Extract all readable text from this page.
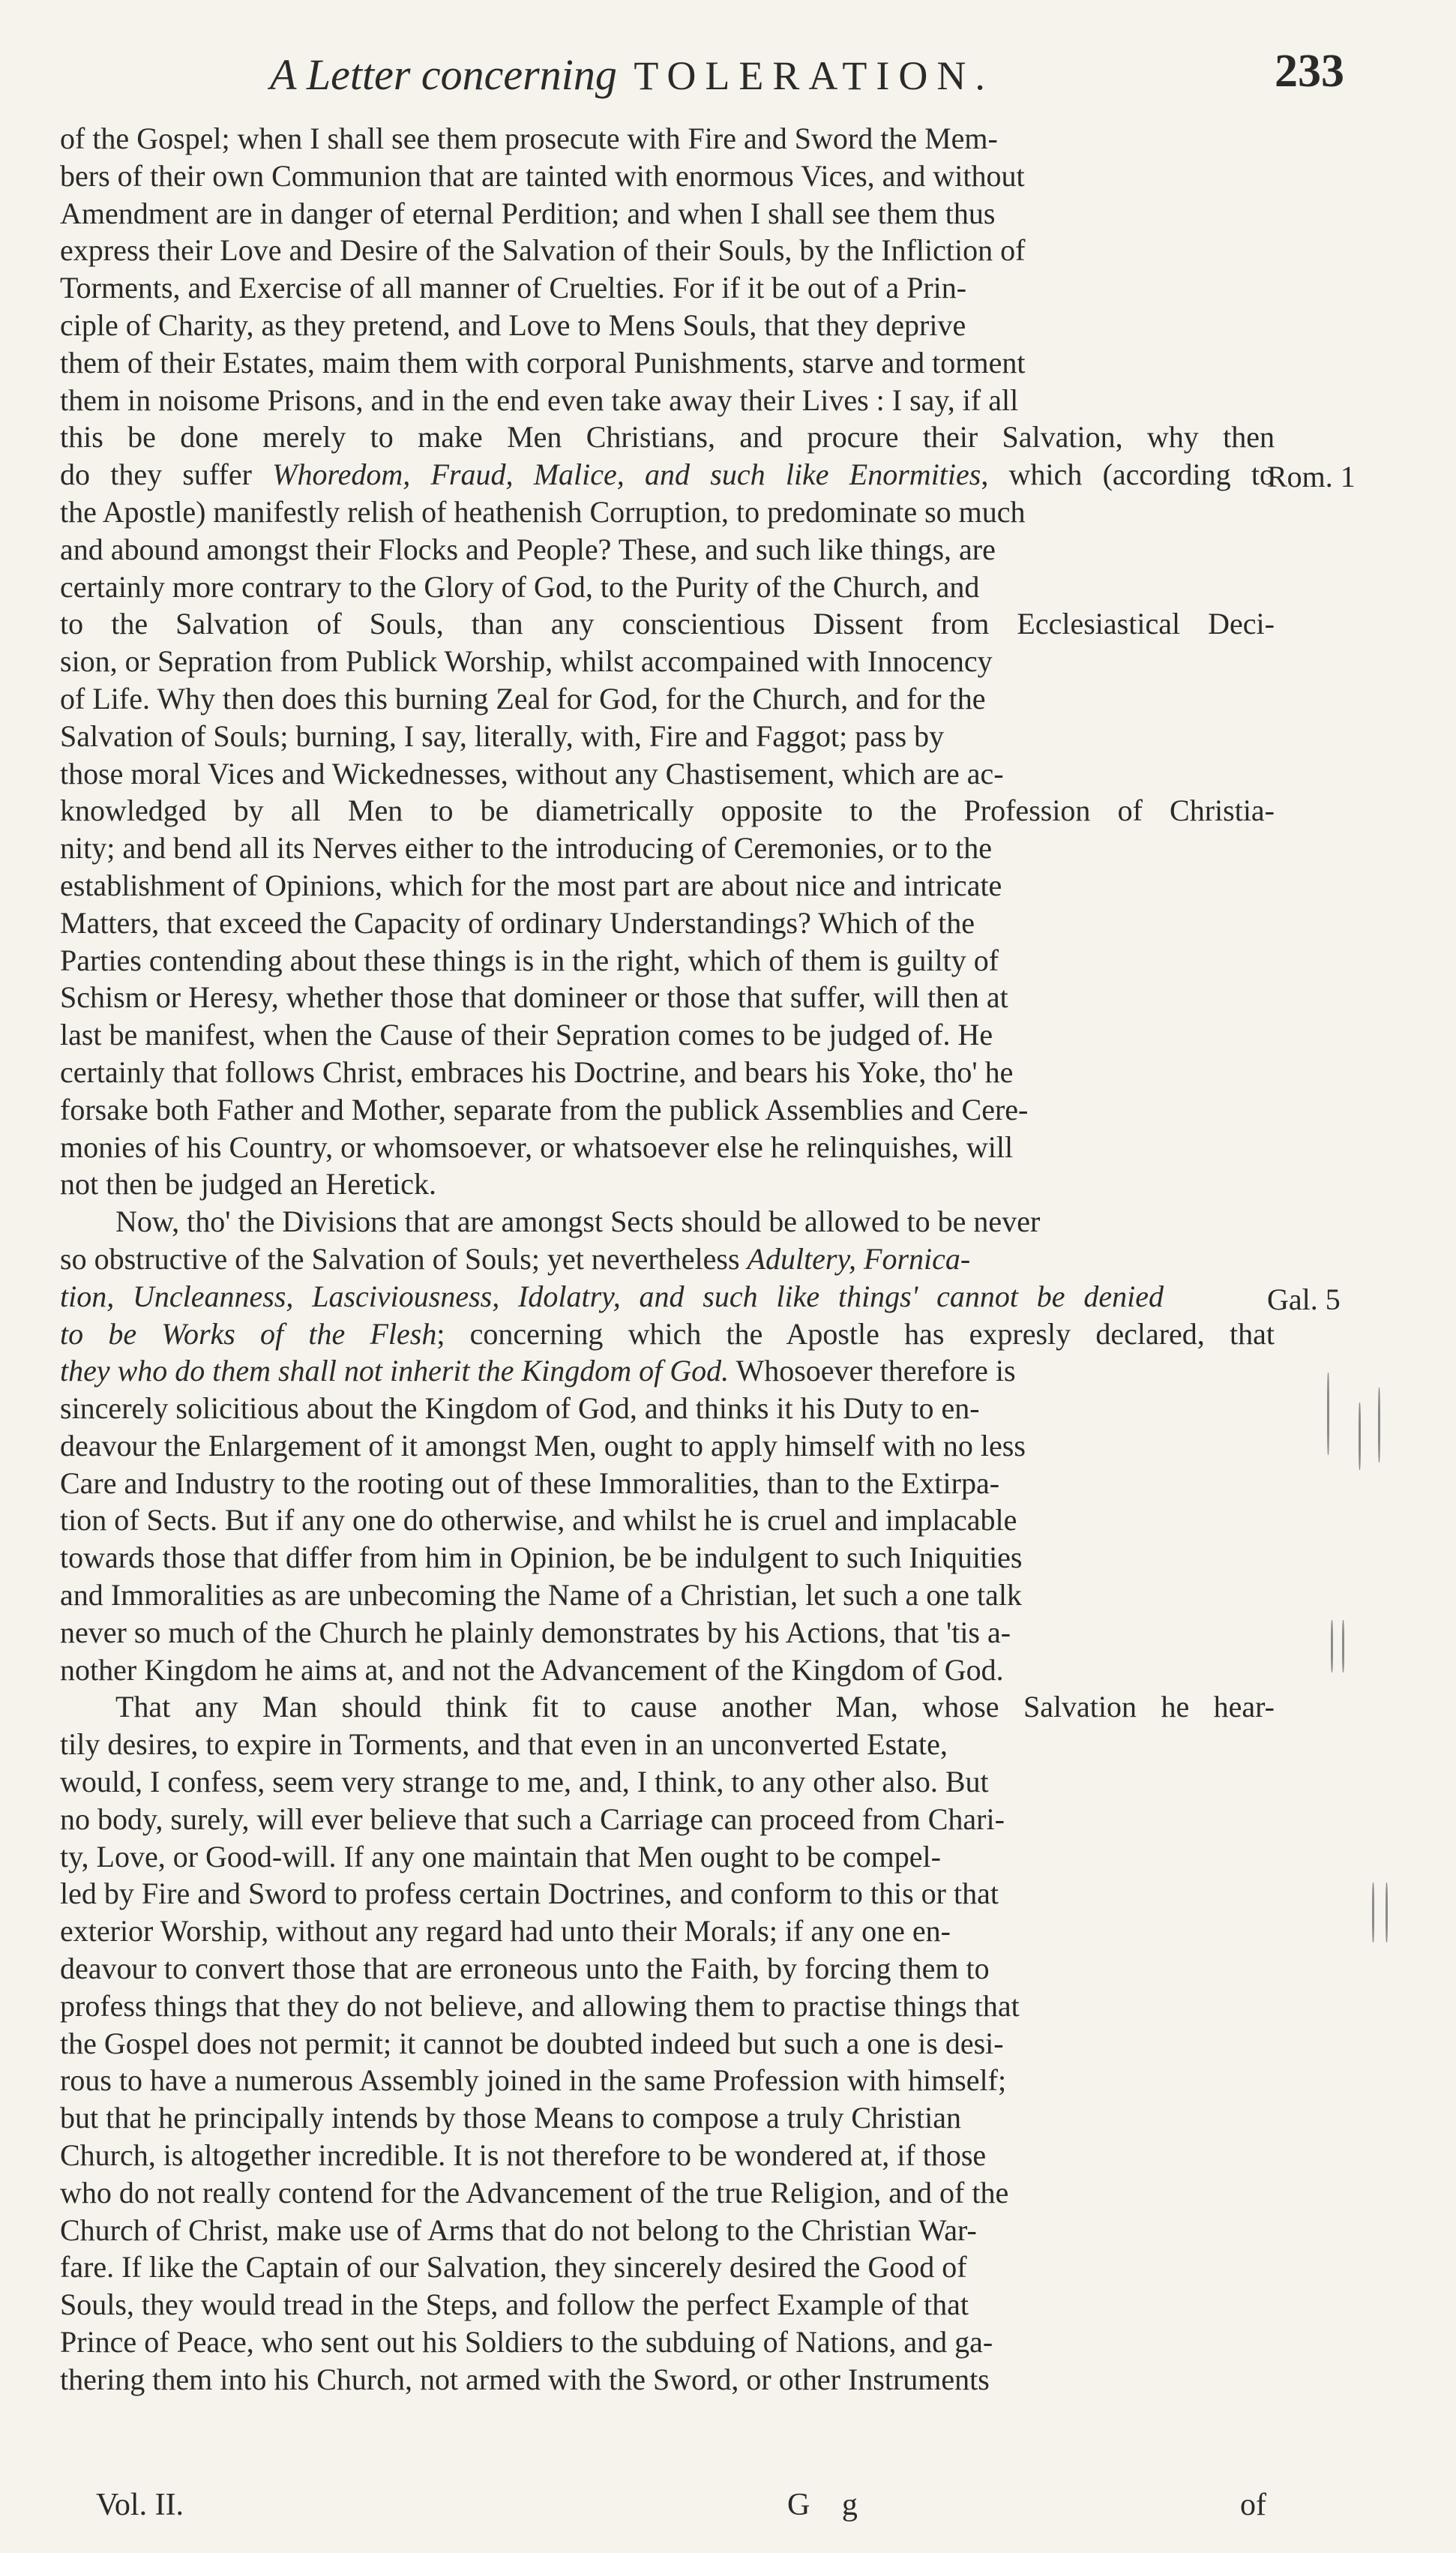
A Letter concerning TOLERATION.	233
of the Gospel; when I shall see them prosecute with Fire and Sword the Mem-
bers of their own Communion that are tainted with enormous Vices, and without
Amendment are in danger of eternal Perdition; and when I shall see them thus
express their Love and Desire of the Salvation of their Souls, by the Infliction of
Torments, and Exercise of all manner of Cruelties. For if it be out of a Prin-
ciple of Charity, as they pretend, and Love to Mens Souls, that they deprive
them of their Estates, maim them with corporal Punishments, starve and torment
them in noisome Prisons, and in the end even take away their Lives : I say, if all
this be done merely to make Men Christians, and procure their Salvation, why then
do they suffer Whoredom, Fraud, Malice, and such like Enormities, which (according to
the Apostle) manifestly relish of heathenish Corruption, to predominate so much
and abound amongst their Flocks and People? These, and such like things, are
certainly more contrary to the Glory of God, to the Purity of the Church, and
to the Salvation of Souls, than any conscientious Dissent from Ecclesiastical Deci-
sion, or Sepration from Publick Worship, whilst accompained with Innocency
of Life. Why then does this burning Zeal for God, for the Church, and for the
Salvation of Souls; burning, I say, literally, with, Fire and Faggot; pass by
those moral Vices and Wickednesses, without any Chastisement, which are ac-
knowledged by all Men to be diametrically opposite to the Profession of Christia-
nity; and bend all its Nerves either to the introducing of Ceremonies, or to the
establishment of Opinions, which for the most part are about nice and intricate
Matters, that exceed the Capacity of ordinary Understandings? Which of the
Parties contending about these things is in the right, which of them is guilty of
Schism or Heresy, whether those that domineer or those that suffer, will then at
last be manifest, when the Cause of their Sepration comes to be judged of. He
certainly that follows Christ, embraces his Doctrine, and bears his Yoke, tho' he
forsake both Father and Mother, separate from the publick Assemblies and Cere-
monies of his Country, or whomsoever, or whatsoever else he relinquishes, will
not then be judged an Heretick.
Now, tho' the Divisions that are amongst Sects should be allowed to be never
so obstructive of the Salvation of Souls; yet nevertheless Adultery, Fornica-
tion, Uncleanness, Lasciviousness, Idolatry, and such like things' cannot be denied
to be Works of the Flesh; concerning which the Apostle has expresly declared, that
they who do them shall not inherit the Kingdom of God. Whosoever therefore is
sincerely solicitious about the Kingdom of God, and thinks it his Duty to en-
deavour the Enlargement of it amongst Men, ought to apply himself with no less
Care and Industry to the rooting out of these Immoralities, than to the Extirpa-
tion of Sects. But if any one do otherwise, and whilst he is cruel and implacable
towards those that differ from him in Opinion, be be indulgent to such Iniquities
and Immoralities as are unbecoming the Name of a Christian, let such a one talk
never so much of the Church he plainly demonstrates by his Actions, that 'tis a-
nother Kingdom he aims at, and not the Advancement of the Kingdom of God.
That any Man should think fit to cause another Man, whose Salvation he hear-
tily desires, to expire in Torments, and that even in an unconverted Estate,
would, I confess, seem very strange to me, and, I think, to any other also. But
no body, surely, will ever believe that such a Carriage can proceed from Chari-
ty, Love, or Good-will. If any one maintain that Men ought to be compel-
led by Fire and Sword to profess certain Doctrines, and conform to this or that
exterior Worship, without any regard had unto their Morals; if any one en-
deavour to convert those that are erroneous unto the Faith, by forcing them to
profess things that they do not believe, and allowing them to practise things that
the Gospel does not permit; it cannot be doubted indeed but such a one is desi-
rous to have a numerous Assembly joined in the same Profession with himself;
but that he principally intends by those Means to compose a truly Christian
Church, is altogether incredible. It is not therefore to be wondered at, if those
who do not really contend for the Advancement of the true Religion, and of the
Church of Christ, make use of Arms that do not belong to the Christian War-
fare. If like the Captain of our Salvation, they sincerely desired the Good of
Souls, they would tread in the Steps, and follow the perfect Example of that
Prince of Peace, who sent out his Soldiers to the subduing of Nations, and ga-
thering them into his Church, not armed with the Sword, or other Instruments
Rom. 1
Gal. 5
Vol. II.	G g	of
